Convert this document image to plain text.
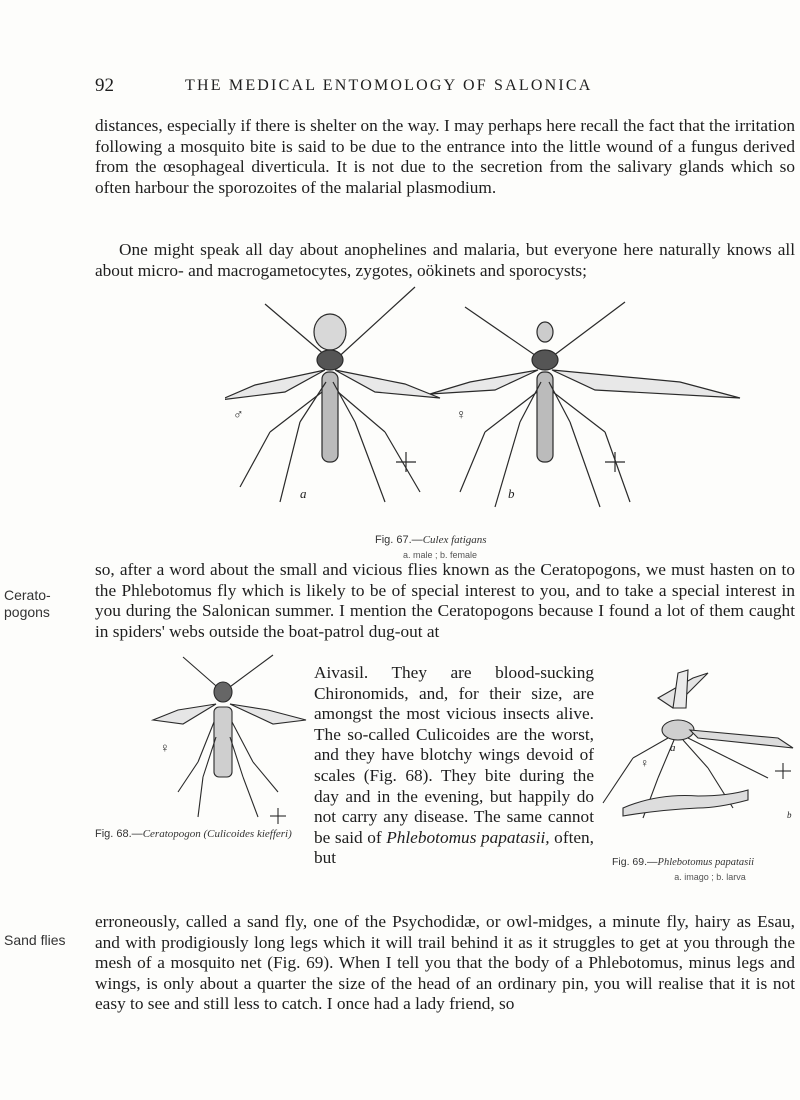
92	THE MEDICAL ENTOMOLOGY OF SALONICA

distances, especially if there is shelter on the way. I may perhaps here recall the fact that the irritation following a mosquito bite is said to be due to the entrance into the little wound of a fungus derived from the œsophageal diverticula. It is not due to the secretion from the salivary glands which so often harbour the sporozoites of the malarial plasmodium.

One might speak all day about anophelines and malaria, but everyone here naturally knows all about micro- and macrogametocytes, zygotes, oökinets and sporocysts;

♂
a
♀
b
Fig. 67.—Culex fatigans
a. male ; b. female

so, after a word about the small and vicious flies known as the Ceratopogons, we must hasten on to the Phlebotomus fly which is likely to be of special interest to you, and to take a special interest in you during the Salonican summer. I mention the Ceratopogons because I found a lot of them caught in spiders' webs outside the boat-patrol dug-out at

Cerato-
pogons
♀
Fig. 68.—Ceratopogon (Culicoides kiefferi)

Aivasil. They are blood-sucking Chironomids, and, for their size, are amongst the most vicious insects alive. The so-called Culicoides are the worst, and they have blotchy wings devoid of scales (Fig. 68). They bite during the day and in the evening, but happily do not carry any disease. The same cannot be said of Phlebotomus papatasii, often, but

♀
a
b
Fig. 69.—Phlebotomus papatasii
a. imago ; b. larva

erroneously, called a sand fly, one of the Psychodidæ, or owl-midges, a minute fly, hairy as Esau, and with prodigiously long legs which it will trail behind it as it struggles to get at you through the mesh of a mosquito net (Fig. 69). When I tell you that the body of a Phlebotomus, minus legs and wings, is only about a quarter the size of the head of an ordinary pin, you will realise that it is not easy to see and still less to catch. I once had a lady friend, so

Sand flies
